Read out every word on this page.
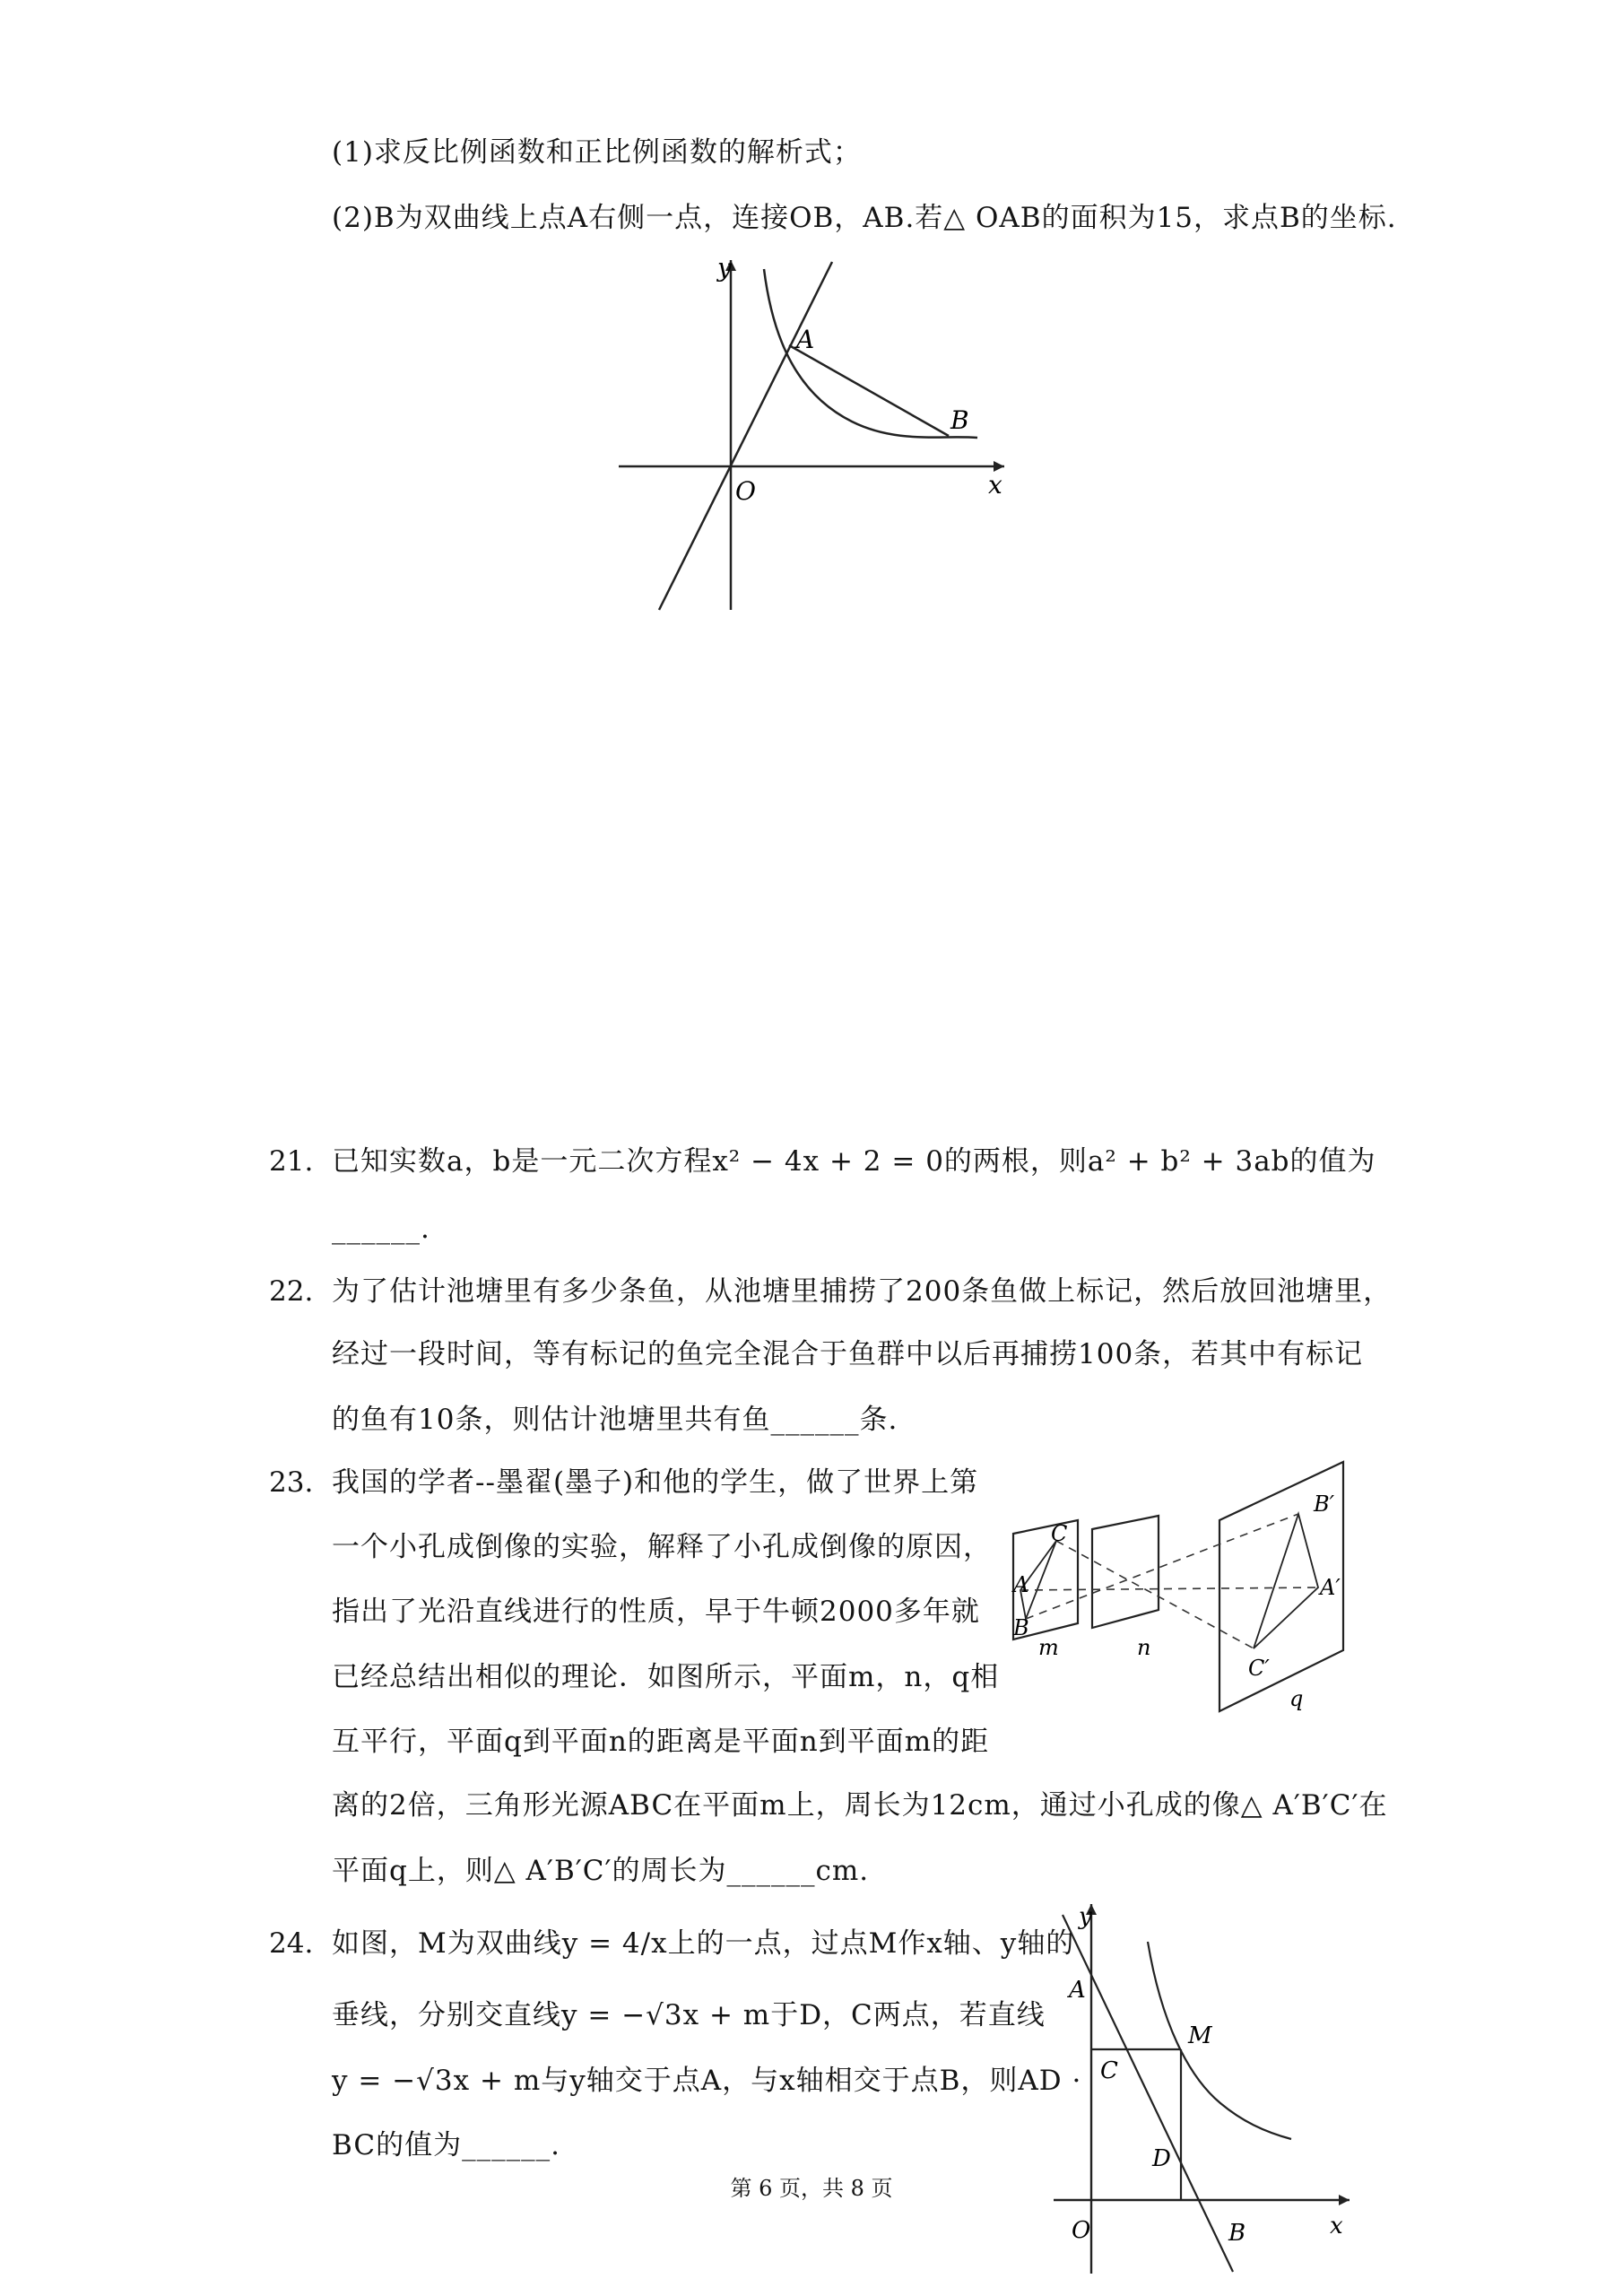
(1)求反比例函数和正比例函数的解析式；
(2)B为双曲线上点A右侧一点，连接OB，AB.若△ OAB的面积为15，求点B的坐标.
y
x
O
A
B
21. 已知实数a，b是一元二次方程x² − 4x + 2 = 0的两根，则a² + b² + 3ab的值为
______.
22. 为了估计池塘里有多少条鱼，从池塘里捕捞了200条鱼做上标记，然后放回池塘里，
经过一段时间，等有标记的鱼完全混合于鱼群中以后再捕捞100条，若其中有标记
的鱼有10条，则估计池塘里共有鱼______条.
23. 我国的学者--墨翟(墨子)和他的学生，做了世界上第
一个小孔成倒像的实验，解释了小孔成倒像的原因，
指出了光沿直线进行的性质，早于牛顿2000多年就
已经总结出相似的理论．如图所示，平面m，n，q相
互平行，平面q到平面n的距离是平面n到平面m的距
离的2倍，三角形光源ABC在平面m上，周长为12cm，通过小孔成的像△ A′B′C′在
平面q上，则△ A′B′C′的周长为______cm.
C
A
B
m	n
q
B′
A′
C′
24. 如图，M为双曲线y = 4/x上的一点，过点M作x轴、y轴的
垂线，分别交直线y = −√3x + m于D，C两点，若直线
y = −√3x + m与y轴交于点A，与x轴相交于点B，则AD ·
BC的值为______.
y
x
O
A
C
M
D
B
第 6 页，共 8 页
